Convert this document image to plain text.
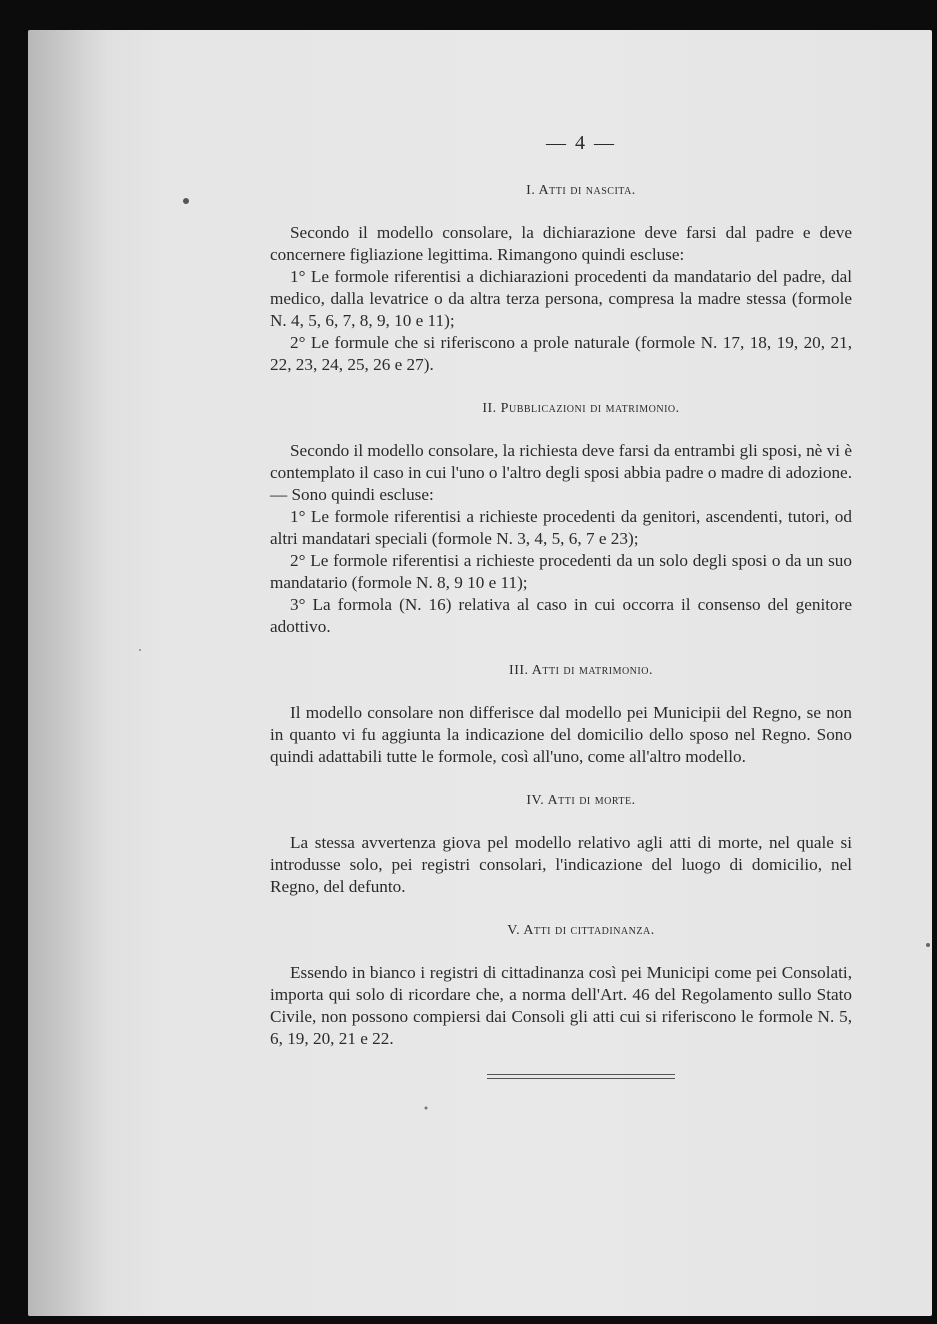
— 4 —
I. Atti di nascita.

Secondo il modello consolare, la dichiarazione deve farsi dal padre e deve concernere figliazione legittima. Rimangono quindi escluse:

1° Le formole riferentisi a dichiarazioni procedenti da mandatario del padre, dal medico, dalla levatrice o da altra terza persona, compresa la madre stessa (formole N. 4, 5, 6, 7, 8, 9, 10 e 11);

2° Le formule che si riferiscono a prole naturale (formole N. 17, 18, 19, 20, 21, 22, 23, 24, 25, 26 e 27).

II. Pubblicazioni di matrimonio.

Secondo il modello consolare, la richiesta deve farsi da entrambi gli sposi, nè vi è contemplato il caso in cui l'uno o l'altro degli sposi abbia padre o madre di adozione. — Sono quindi escluse:

1° Le formole riferentisi a richieste procedenti da genitori, ascendenti, tutori, od altri mandatari speciali (formole N. 3, 4, 5, 6, 7 e 23);

2° Le formole riferentisi a richieste procedenti da un solo degli sposi o da un suo mandatario (formole N. 8, 9 10 e 11);

3° La formola (N. 16) relativa al caso in cui occorra il consenso del genitore adottivo.

III. Atti di matrimonio.

Il modello consolare non differisce dal modello pei Municipii del Regno, se non in quanto vi fu aggiunta la indicazione del domicilio dello sposo nel Regno. Sono quindi adattabili tutte le formole, così all'uno, come all'altro modello.

IV. Atti di morte.

La stessa avvertenza giova pel modello relativo agli atti di morte, nel quale si introdusse solo, pei registri consolari, l'indicazione del luogo di domicilio, nel Regno, del defunto.

V. Atti di cittadinanza.

Essendo in bianco i registri di cittadinanza così pei Municipi come pei Consolati, importa qui solo di ricordare che, a norma dell'Art. 46 del Regolamento sullo Stato Civile, non possono compiersi dai Consoli gli atti cui si riferiscono le formole N. 5, 6, 19, 20, 21 e 22.
